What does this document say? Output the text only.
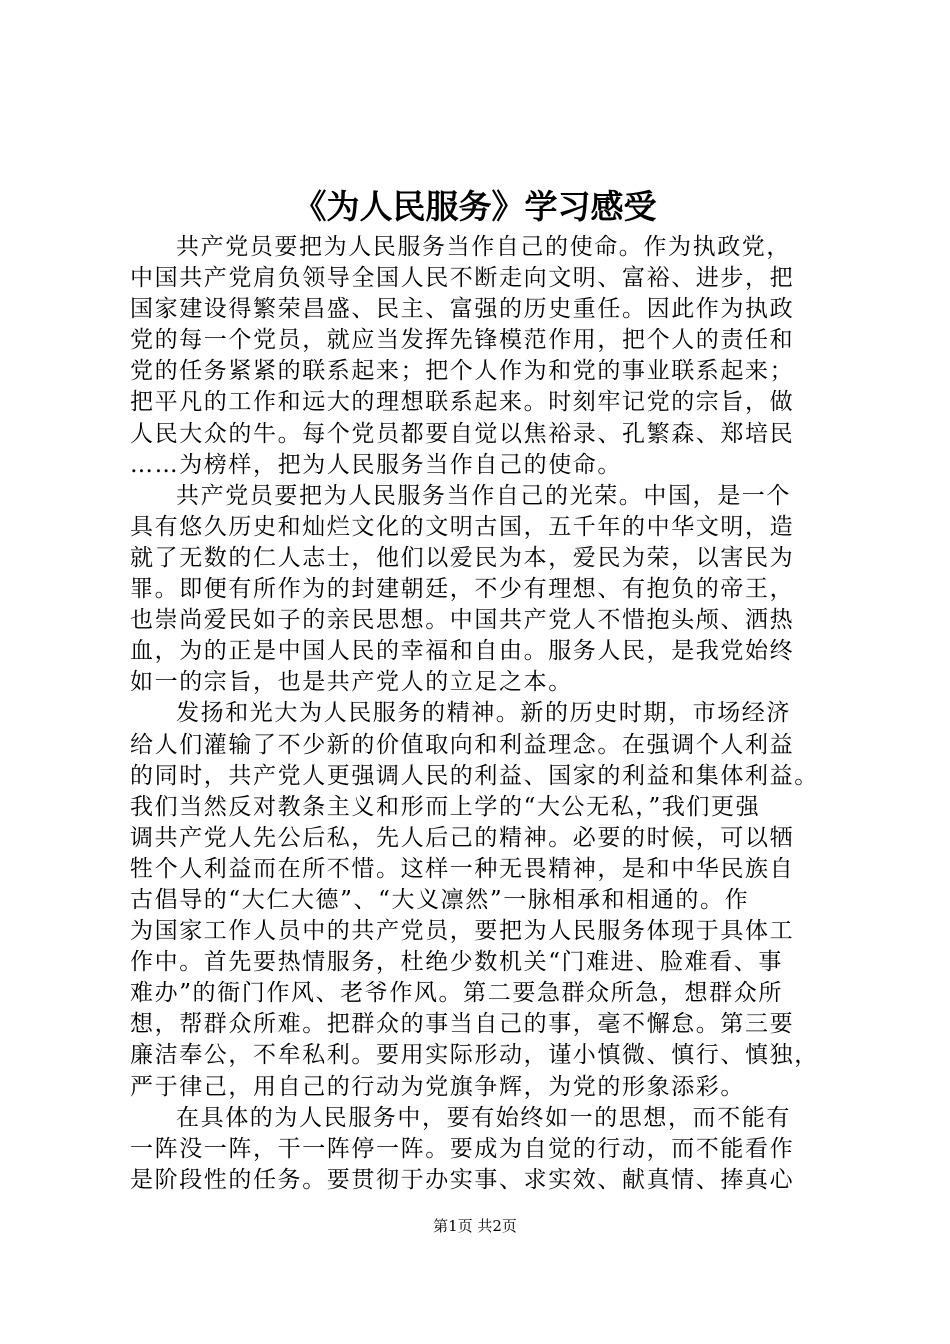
《为人民服务》学习感受

共产党员要把为人民服务当作自己的使命。作为执政党，
中国共产党肩负领导全国人民不断走向文明、富裕、进步，把
国家建设得繁荣昌盛、民主、富强的历史重任。因此作为执政
党的每一个党员，就应当发挥先锋模范作用，把个人的责任和
党的任务紧紧的联系起来；把个人作为和党的事业联系起来；
把平凡的工作和远大的理想联系起来。时刻牢记党的宗旨，做
人民大众的牛。每个党员都要自觉以焦裕录、孔繁森、郑培民
……为榜样，把为人民服务当作自己的使命。

共产党员要把为人民服务当作自己的光荣。中国，是一个
具有悠久历史和灿烂文化的文明古国，五千年的中华文明，造
就了无数的仁人志士，他们以爱民为本，爱民为荣，以害民为
罪。即便有所作为的封建朝廷，不少有理想、有抱负的帝王，
也崇尚爱民如子的亲民思想。中国共产党人不惜抱头颅、洒热
血，为的正是中国人民的幸福和自由。服务人民，是我党始终
如一的宗旨，也是共产党人的立足之本。

发扬和光大为人民服务的精神。新的历史时期，市场经济
给人们灌输了不少新的价值取向和利益理念。在强调个人利益
的同时，共产党人更强调人民的利益、国家的利益和集体利益。
我们当然反对教条主义和形而上学的“大公无私，”我们更强
调共产党人先公后私，先人后己的精神。必要的时候，可以牺
牲个人利益而在所不惜。这样一种无畏精神，是和中华民族自
古倡导的“大仁大德”、“大义凛然”一脉相承和相通的。作
为国家工作人员中的共产党员，要把为人民服务体现于具体工
作中。首先要热情服务，杜绝少数机关“门难进、脸难看、事
难办”的衙门作风、老爷作风。第二要急群众所急，想群众所
想，帮群众所难。把群众的事当自己的事，毫不懈怠。第三要
廉洁奉公，不牟私利。要用实际形动，谨小慎微、慎行、慎独，
严于律己，用自己的行动为党旗争辉，为党的形象添彩。

在具体的为人民服务中，要有始终如一的思想，而不能有
一阵没一阵，干一阵停一阵。要成为自觉的行动，而不能看作
是阶段性的任务。要贯彻于办实事、求实效、献真情、捧真心

第1页 共2页
